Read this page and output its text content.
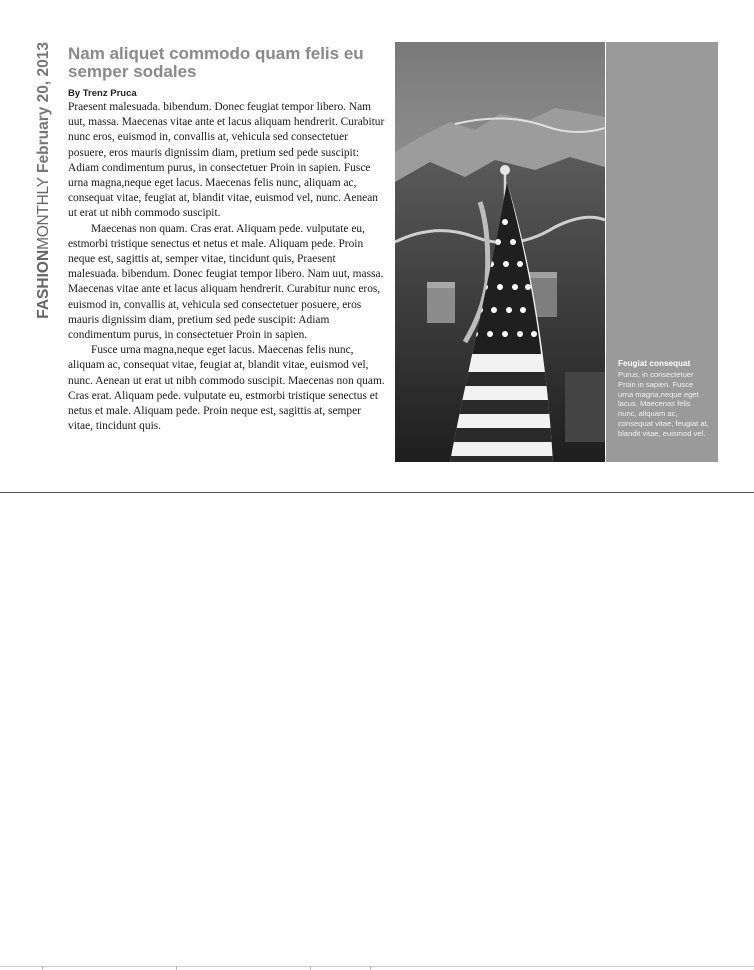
FASHIONMONTHLY February 20, 2013 Nam aliquet commodo quam felis eu semper sodales
By Trenz Pruca

Praesent malesuada. bibendum. Donec feugiat tempor libero. Nam uut, massa. Maecenas vitae ante et lacus aliquam hendrerit. Curabitur nunc eros, euismod in, convallis at, vehicula sed consectetuer posuere, eros mauris dignissim diam, pretium sed pede suscipit: Adiam condimentum purus, in consectetuer Proin in sapien. Fusce urna magna,neque eget lacus. Maecenas felis nunc, aliquam ac, consequat vitae, feugiat at, blandit vitae, euismod vel, nunc. Aenean ut erat ut nibh commodo suscipit.

Maecenas non quam. Cras erat. Aliquam pede. vulputate eu, estmorbi tristique senectus et netus et male. Aliquam pede. Proin neque est, sagittis at, semper vitae, tincidunt quis, Praesent malesuada. bibendum. Donec feugiat tempor libero. Nam uut, massa. Maecenas vitae ante et lacus aliquam hendrerit. Curabitur nunc eros, euismod in, convallis at, vehicula sed consectetuer posuere, eros mauris dignissim diam, pretium sed pede suscipit: Adiam condimentum purus, in consectetuer Proin in sapien.

Fusce urna magna,neque eget lacus. Maecenas felis nunc, aliquam ac, consequat vitae, feugiat at, blandit vitae, euismod vel, nunc. Aenean ut erat ut nibh commodo suscipit. Maecenas non quam. Cras erat. Aliquam pede. vulputate eu, estmorbi tristique senectus et netus et male. Aliquam pede. Proin neque est, sagittis at, semper vitae, tincidunt quis.

Feugiat consequat
Purus, in consectetuer Proin in sapien. Fusce urna magna,neque eget lacus. Maecenas felis nunc, aliquam ac, consequat vitae, feugiat at, blandit vitae, euismod vel.
